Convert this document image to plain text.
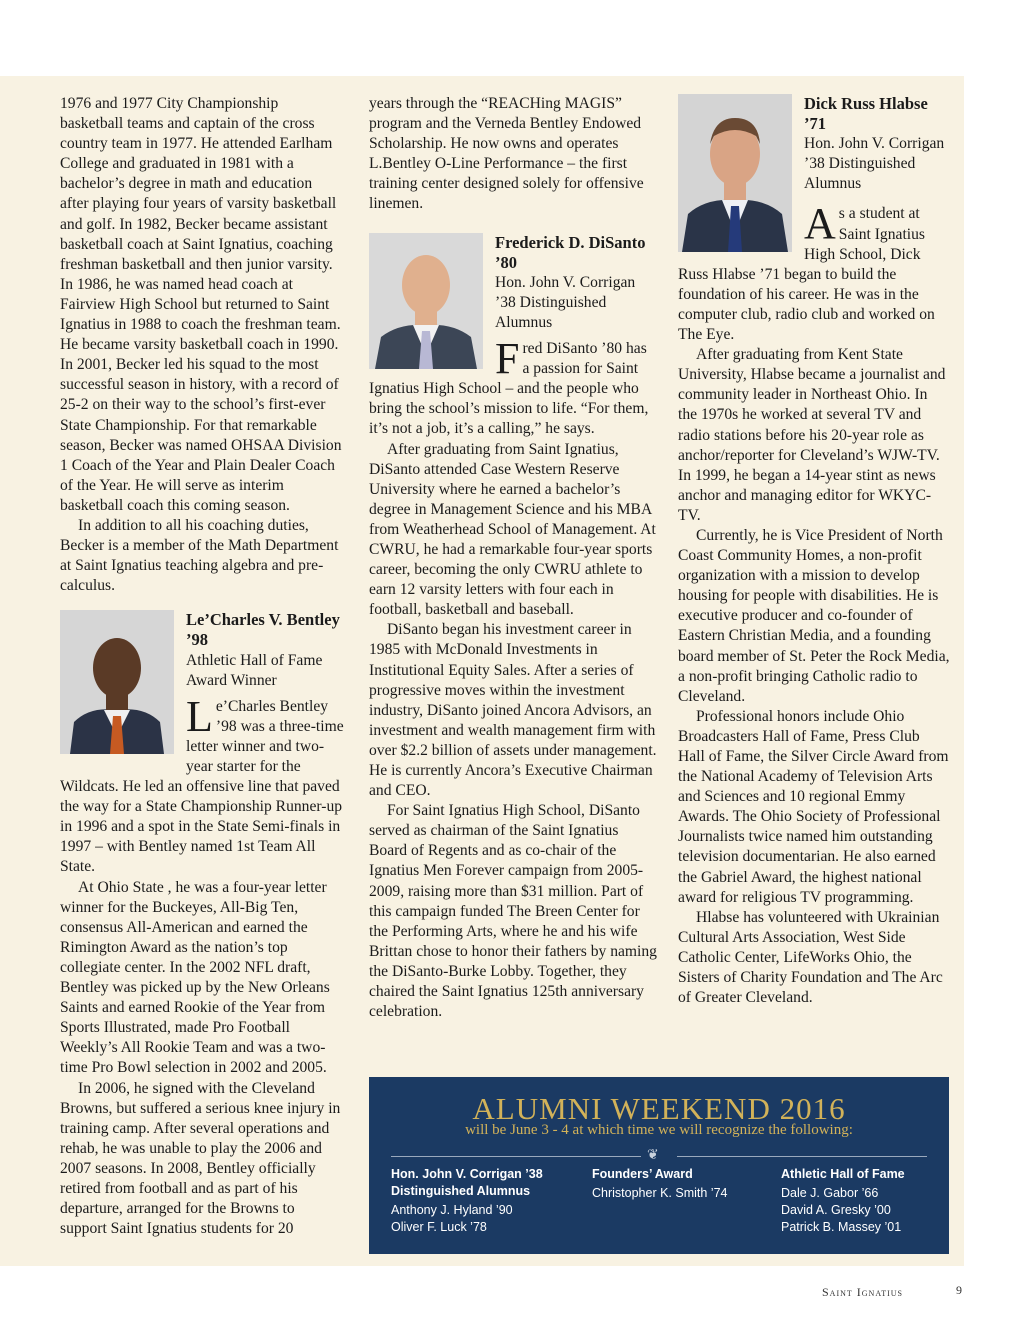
1976 and 1977 City Championship basketball teams and captain of the cross country team in 1977. He attended Earlham College and graduated in 1981 with a bachelor’s degree in math and education after playing four years of varsity basketball and golf. In 1982, Becker became assistant basketball coach at Saint Ignatius, coaching freshman basketball and then junior varsity. In 1986, he was named head coach at Fairview High School but returned to Saint Ignatius in 1988 to coach the freshman team. He became varsity basketball coach in 1990. In 2001, Becker led his squad to the most successful season in history, with a record of 25-2 on their way to the school’s first-ever State Championship. For that remarkable season, Becker was named OHSAA Division 1 Coach of the Year and Plain Dealer Coach of the Year. He will serve as interim basketball coach this coming season.

In addition to all his coaching duties, Becker is a member of the Math Department at Saint Ignatius teaching algebra and pre-calculus.

Le’Charles V. Bentley ’98
Athletic Hall of Fame Award Winner
L e’Charles Bentley ’98 was a three-time letter winner and two-year starter for the Wildcats. He led an offensive line that paved the way for a State Championship Runner-up in 1996 and a spot in the State Semi-finals in 1997 – with Bentley named 1st Team All State.

At Ohio State , he was a four-year letter winner for the Buckeyes, All-Big Ten, consensus All-American and earned the Rimington Award as the nation’s top collegiate center. In the 2002 NFL draft, Bentley was picked up by the New Orleans Saints and earned Rookie of the Year from Sports Illustrated, made Pro Football Weekly’s All Rookie Team and was a two-time Pro Bowl selection in 2002 and 2005.

In 2006, he signed with the Cleveland Browns, but suffered a serious knee injury in training camp. After several operations and rehab, he was unable to play the 2006 and 2007 seasons. In 2008, Bentley officially retired from football and as part of his departure, arranged for the Browns to support Saint Ignatius students for 20

years through the “REACHing MAGIS” program and the Verneda Bentley Endowed Scholarship. He now owns and operates L.Bentley O-Line Performance – the first training center designed solely for offensive linemen.

Frederick D. DiSanto ’80
Hon. John V. Corrigan ’38 Distinguished Alumnus
F red DiSanto ’80 has a passion for Saint Ignatius High School – and the people who bring the school’s mission to life. “For them, it’s not a job, it’s a calling,” he says.

After graduating from Saint Ignatius, DiSanto attended Case Western Reserve University where he earned a bachelor’s degree in Management Science and his MBA from Weatherhead School of Management. At CWRU, he had a remarkable four-year sports career, becoming the only CWRU athlete to earn 12 varsity letters with four each in football, basketball and baseball.

DiSanto began his investment career in 1985 with McDonald Investments in Institutional Equity Sales. After a series of progressive moves within the investment industry, DiSanto joined Ancora Advisors, an investment and wealth management firm with over $2.2 billion of assets under management. He is currently Ancora’s Executive Chairman and CEO.

For Saint Ignatius High School, DiSanto served as chairman of the Saint Ignatius Board of Regents and as co-chair of the Ignatius Men Forever campaign from 2005-2009, raising more than $31 million. Part of this campaign funded The Breen Center for the Performing Arts, where he and his wife Brittan chose to honor their fathers by naming the DiSanto-Burke Lobby. Together, they chaired the Saint Ignatius 125th anniversary celebration.

Dick Russ Hlabse ’71
Hon. John V. Corrigan ’38 Distinguished Alumnus
A s a student at Saint Ignatius High School, Dick Russ Hlabse ’71 began to build the foundation of his career. He was in the computer club, radio club and worked on The Eye.

After graduating from Kent State University, Hlabse became a journalist and community leader in Northeast Ohio. In the 1970s he worked at several TV and radio stations before his 20-year role as anchor/reporter for Cleveland’s WJW-TV. In 1999, he began a 14-year stint as news anchor and managing editor for WKYC-TV.

Currently, he is Vice President of North Coast Community Homes, a non-profit organization with a mission to develop housing for people with disabilities. He is executive producer and co-founder of Eastern Christian Media, and a founding board member of St. Peter the Rock Media, a non-profit bringing Catholic radio to Cleveland.

Professional honors include Ohio Broadcasters Hall of Fame, Press Club Hall of Fame, the Silver Circle Award from the National Academy of Television Arts and Sciences and 10 regional Emmy Awards. The Ohio Society of Professional Journalists twice named him outstanding television documentarian. He also earned the Gabriel Award, the highest national award for religious TV programming.

Hlabse has volunteered with Ukrainian Cultural Arts Association, West Side Catholic Center, LifeWorks Ohio, the Sisters of Charity Foundation and The Arc of Greater Cleveland.

ALUMNI WEEKEND 2016
will be June 3 - 4 at which time we will recognize the following:
❦
Hon. John V. Corrigan ’38 Distinguished Alumnus
Anthony J. Hyland ’90
Oliver F. Luck ’78
Founders’ Award
Christopher K. Smith ’74
Athletic Hall of Fame
Dale J. Gabor ’66
David A. Gresky ’00
Patrick B. Massey ’01
Saint Ignatius	9
